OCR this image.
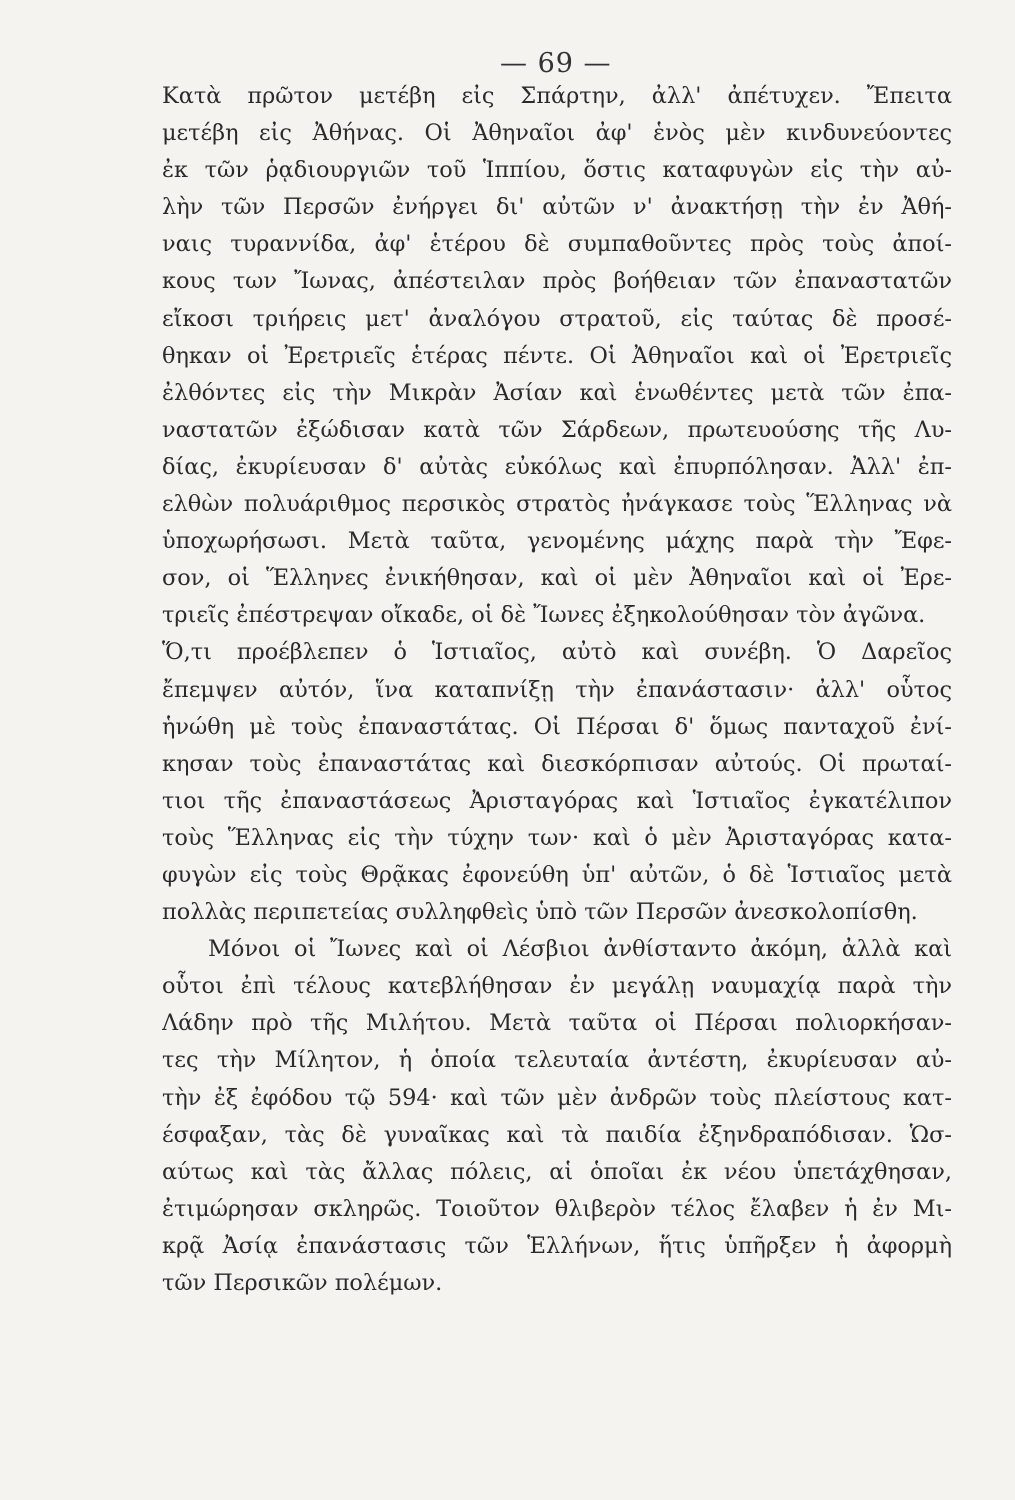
— 69 —
Κατὰ πρῶτον μετέβη εἰς Σπάρτην, ἀλλ' ἀπέτυχεν. Ἔπειτα
μετέβη εἰς Ἀθήνας. Οἱ Ἀθηναῖοι ἀφ' ἑνὸς μὲν κινδυνεύοντες
ἐκ τῶν ῥᾳδιουργιῶν τοῦ Ἱππίου, ὅστις καταφυγὼν εἰς τὴν αὐ-
λὴν τῶν Περσῶν ἐνήργει δι' αὐτῶν ν' ἀνακτήσῃ τὴν ἐν Ἀθή-
ναις τυραννίδα, ἀφ' ἑτέρου δὲ συμπαθοῦντες πρὸς τοὺς ἀποί-
κους των Ἴωνας, ἀπέστειλαν πρὸς βοήθειαν τῶν ἐπαναστατῶν
εἴκοσι τριήρεις μετ' ἀναλόγου στρατοῦ, εἰς ταύτας δὲ προσέ-
θηκαν οἱ Ἐρετριεῖς ἑτέρας πέντε. Οἱ Ἀθηναῖοι καὶ οἱ Ἐρετριεῖς
ἐλθόντες εἰς τὴν Μικρὰν Ἀσίαν καὶ ἑνωθέντες μετὰ τῶν ἐπα-
ναστατῶν ἐξώδισαν κατὰ τῶν Σάρδεων, πρωτευούσης τῆς Λυ-
δίας, ἐκυρίευσαν δ' αὐτὰς εὐκόλως καὶ ἐπυρπόλησαν. Ἀλλ' ἐπ-
ελθὼν πολυάριθμος περσικὸς στρατὸς ἠνάγκασε τοὺς Ἕλληνας νὰ
ὑποχωρήσωσι. Μετὰ ταῦτα, γενομένης μάχης παρὰ τὴν Ἔφε-
σον, οἱ Ἕλληνες ἐνικήθησαν, καὶ οἱ μὲν Ἀθηναῖοι καὶ οἱ Ἐρε-
τριεῖς ἐπέστρεψαν οἴκαδε, οἱ δὲ Ἴωνες ἐξηκολούθησαν τὸν ἀγῶνα.
Ὅ,τι προέβλεπεν ὁ Ἱστιαῖος, αὐτὸ καὶ συνέβη. Ὁ Δαρεῖος
ἔπεμψεν αὐτόν, ἵνα καταπνίξῃ τὴν ἐπανάστασιν· ἀλλ' οὗτος
ἡνώθη μὲ τοὺς ἐπαναστάτας. Οἱ Πέρσαι δ' ὅμως πανταχοῦ ἐνί-
κησαν τοὺς ἐπαναστάτας καὶ διεσκόρπισαν αὐτούς. Οἱ πρωταί-
τιοι τῆς ἐπαναστάσεως Ἀρισταγόρας καὶ Ἱστιαῖος ἐγκατέλιπον
τοὺς Ἕλληνας εἰς τὴν τύχην των· καὶ ὁ μὲν Ἀρισταγόρας κατα-
φυγὼν εἰς τοὺς Θρᾷκας ἐφονεύθη ὑπ' αὐτῶν, ὁ δὲ Ἱστιαῖος μετὰ
πολλὰς περιπετείας συλληφθεὶς ὑπὸ τῶν Περσῶν ἀνεσκολοπίσθη.
Μόνοι οἱ Ἴωνες καὶ οἱ Λέσβιοι ἀνθίσταντο ἀκόμη, ἀλλὰ καὶ
οὗτοι ἐπὶ τέλους κατεβλήθησαν ἐν μεγάλῃ ναυμαχίᾳ παρὰ τὴν
Λάδην πρὸ τῆς Μιλήτου. Μετὰ ταῦτα οἱ Πέρσαι πολιορκήσαν-
τες τὴν Μίλητον, ἡ ὁποία τελευταία ἀντέστη, ἐκυρίευσαν αὐ-
τὴν ἐξ ἐφόδου τῷ 594· καὶ τῶν μὲν ἀνδρῶν τοὺς πλείστους κατ-
έσφαξαν, τὰς δὲ γυναῖκας καὶ τὰ παιδία ἐξηνδραπόδισαν. Ὡσ-
αύτως καὶ τὰς ἄλλας πόλεις, αἱ ὁποῖαι ἐκ νέου ὑπετάχθησαν,
ἐτιμώρησαν σκληρῶς. Τοιοῦτον θλιβερὸν τέλος ἔλαβεν ἡ ἐν Μι-
κρᾷ Ἀσίᾳ ἐπανάστασις τῶν Ἑλλήνων, ἥτις ὑπῆρξεν ἡ ἀφορμὴ
τῶν Περσικῶν πολέμων.
